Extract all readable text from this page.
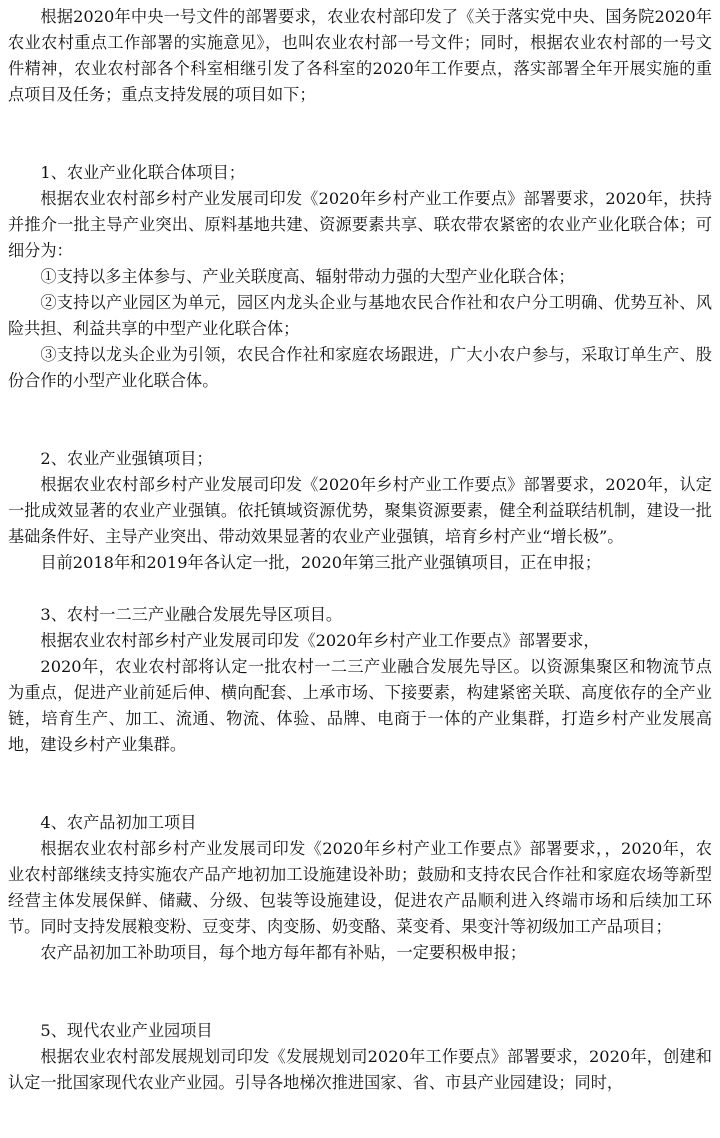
根据2020年中央一号文件的部署要求，农业农村部印发了《关于落实党中央、国务院2020年农业农村重点工作部署的实施意见》，也叫农业农村部一号文件；同时，根据农业农村部的一号文件精神，农业农村部各个科室相继引发了各科室的2020年工作要点，落实部署全年开展实施的重点项目及任务；重点支持发展的项目如下；

1、农业产业化联合体项目；

根据农业农村部乡村产业发展司印发《2020年乡村产业工作要点》部署要求，2020年，扶持并推介一批主导产业突出、原料基地共建、资源要素共享、联农带农紧密的农业产业化联合体；可细分为：

①支持以多主体参与、产业关联度高、辐射带动力强的大型产业化联合体；

②支持以产业园区为单元，园区内龙头企业与基地农民合作社和农户分工明确、优势互补、风险共担、利益共享的中型产业化联合体；

③支持以龙头企业为引领，农民合作社和家庭农场跟进，广大小农户参与，采取订单生产、股份合作的小型产业化联合体。

2、农业产业强镇项目；

根据农业农村部乡村产业发展司印发《2020年乡村产业工作要点》部署要求，2020年，认定一批成效显著的农业产业强镇。依托镇域资源优势，聚集资源要素，健全利益联结机制，建设一批基础条件好、主导产业突出、带动效果显著的农业产业强镇，培育乡村产业“增长极”。

目前2018年和2019年各认定一批，2020年第三批产业强镇项目，正在申报；

3、农村一二三产业融合发展先导区项目。

根据农业农村部乡村产业发展司印发《2020年乡村产业工作要点》部署要求，

2020年，农业农村部将认定一批农村一二三产业融合发展先导区。以资源集聚区和物流节点为重点，促进产业前延后伸、横向配套、上承市场、下接要素，构建紧密关联、高度依存的全产业链，培育生产、加工、流通、物流、体验、品牌、电商于一体的产业集群，打造乡村产业发展高地，建设乡村产业集群。

4、农产品初加工项目

根据农业农村部乡村产业发展司印发《2020年乡村产业工作要点》部署要求，，2020年，农业农村部继续支持实施农产品产地初加工设施建设补助；鼓励和支持农民合作社和家庭农场等新型经营主体发展保鲜、储藏、分级、包装等设施建设，促进农产品顺利进入终端市场和后续加工环节。同时支持发展粮变粉、豆变芽、肉变肠、奶变酪、菜变肴、果变汁等初级加工产品项目；

农产品初加工补助项目，每个地方每年都有补贴，一定要积极申报；

5、现代农业产业园项目

根据农业农村部发展规划司印发《发展规划司2020年工作要点》部署要求，2020年，创建和认定一批国家现代农业产业园。引导各地梯次推进国家、省、市县产业园建设；同时，
